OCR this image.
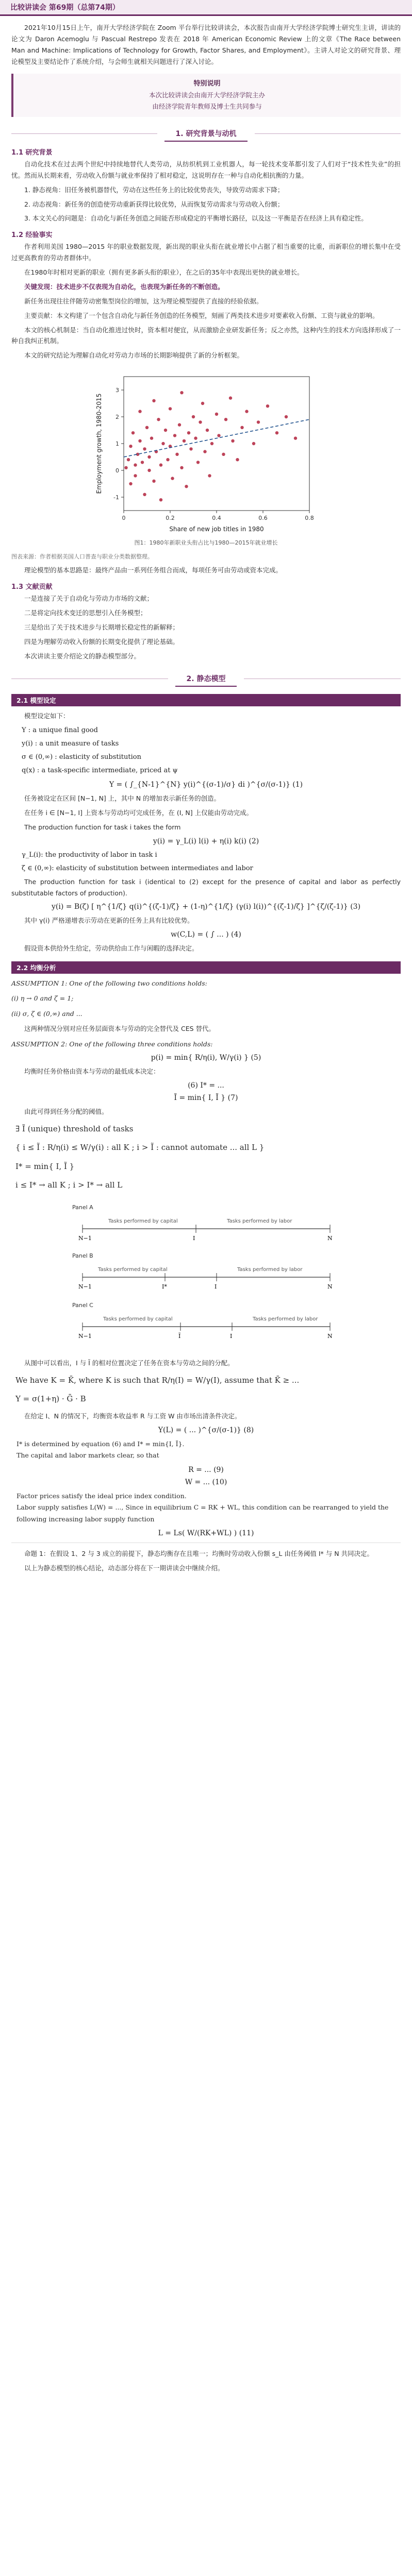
比较讲读会 第69期（总第74期）

2021年10月15日上午，南开大学经济学院在 Zoom 平台举行比较讲读会，本次报告由南开大学经济学院博士研究生主讲，讲读的论文为 Daron Acemoglu 与 Pascual Restrepo 发表在 2018 年 American Economic Review 上的文章《The Race between Man and Machine: Implications of Technology for Growth, Factor Shares, and Employment》。主讲人对论文的研究背景、理论模型及主要结论作了系统介绍，与会师生就相关问题进行了深入讨论。

特别说明
本次比较讲读会由南开大学经济学院主办
由经济学院青年教师及博士生共同参与
1. 研究背景与动机
1.1 研究背景

自动化技术在过去两个世纪中持续地替代人类劳动，从纺织机到工业机器人，每一轮技术变革都引发了人们对于“技术性失业”的担忧。然而从长期来看，劳动收入份额与就业率保持了相对稳定，这说明存在一种与自动化相抗衡的力量。

1. 静态视角：旧任务被机器替代，劳动在这些任务上的比较优势丧失，导致劳动需求下降；

2. 动态视角：新任务的创造使劳动重新获得比较优势，从而恢复劳动需求与劳动收入份额；

3. 本文关心的问题是：自动化与新任务创造之间能否形成稳定的平衡增长路径，以及这一平衡是否在经济上具有稳定性。

1.2 经验事实

作者利用美国 1980—2015 年的职业数据发现，新出现的职业头衔在就业增长中占据了相当重要的比重，而新职位的增长集中在受过更高教育的劳动者群体中。

在1980年时相对更新的职业（拥有更多新头衔的职业），在之后的35年中表现出更快的就业增长。

关键发现：技术进步不仅表现为自动化，也表现为新任务的不断创造。

新任务出现往往伴随劳动密集型岗位的增加，这为理论模型提供了直接的经验依据。

主要贡献：本文构建了一个包含自动化与新任务创造的任务模型，刻画了两类技术进步对要素收入份额、工资与就业的影响。

本文的核心机制是：当自动化推进过快时，资本相对便宜，从而激励企业研发新任务；反之亦然，这种内生的技术方向选择形成了一种自我纠正机制。

本文的研究结论为理解自动化对劳动力市场的长期影响提供了新的分析框架。

0	0.2	0.4	0.6	0.8
-1
0
1
2
3
Share of new job titles in 1980
Employment growth, 1980-2015
图1：1980年新职业头衔占比与1980—2015年就业增长

图表来源：作者根据美国人口普查与职业分类数据整理。

理论模型的基本思路是：最终产品由一系列任务组合而成，每项任务可由劳动或资本完成。

1.3 文献贡献

一是连接了关于自动化与劳动力市场的文献；

二是将定向技术变迁的思想引入任务模型；

三是给出了关于技术进步与长期增长稳定性的新解释；

四是为理解劳动收入份额的长期变化提供了理论基础。

本次讲读主要介绍论文的静态模型部分。

2. 静态模型
2.1 模型设定

模型设定如下：

Y : a unique final good
y(i) : a unit measure of tasks
σ ∈ (0,∞) : elasticity of substitution
q(x) : a task-specific intermediate, priced at ψ
Y = ( ∫_{N-1}^{N} y(i)^{(σ-1)/σ} di )^{σ/(σ-1)} (1)

任务被设定在区间 [N−1, N] 上，其中 N 的增加表示新任务的创造。

在任务 i ∈ [N−1, I] 上资本与劳动均可完成任务，在 (I, N] 上仅能由劳动完成。

The production function for task i takes the form

y(i) = γ_L(i) l(i) + η(i) k(i) (2)
γ_L(i): the productivity of labor in task i
ζ ∈ (0,∞): elasticity of substitution between intermediates and labor

The production function for task i (identical to (2) except for the presence of capital and labor as perfectly substitutable factors of production).

y(i) = B(ζ) [ η^{1/ζ} q(i)^{(ζ-1)/ζ} + (1-η)^{1/ζ} (γ(i) l(i))^{(ζ-1)/ζ} ]^{ζ/(ζ-1)} (3)

其中 γ(i) 严格递增表示劳动在更新的任务上具有比较优势。

w(C,L) = ( ∫ ... ) (4)

假设资本供给外生给定，劳动供给由工作与闲暇的选择决定。

2.2 均衡分析
ASSUMPTION 1: One of the following two conditions holds:
(i) η → 0 and ζ = 1;
(ii) σ, ζ ∈ (0,∞) and ...

这两种情况分别对应任务层面资本与劳动的完全替代及 CES 替代。

ASSUMPTION 2: One of the following three conditions holds:
p(i) = min{ R/η(i), W/γ(i) } (5)

均衡时任务价格由资本与劳动的最低成本决定：

(6) I* = ...
Ĩ = min{ I, Ĩ } (7)

由此可得到任务分配的阈值。

∃ Ĩ (unique) threshold of tasks
{ i ≤ Ĩ : R/η(i) ≤ W/γ(i) : all K ; i > Ĩ : cannot automate ... all L }
I* = min{ I, Ĩ }
i ≤ I* → all K ; i > I* → all L
Panel A
N−1	I	N
Tasks performed by capital	Tasks performed by labor
Panel B
N−1	I*	I	N
Tasks performed by capital	Tasks performed by labor
Panel C
N−1	Ĩ	I	N
Tasks performed by capital	Tasks performed by labor

从图中可以看出，I 与 Ĩ 的相对位置决定了任务在资本与劳动之间的分配。

We have K = K̄, where K is such that R/η(I) = W/γ(I), assume that K̄ ≥ ...
Y = σ(1+η) · Ḡ · B

在给定 I、N 的情况下，均衡资本收益率 R 与工资 W 由市场出清条件决定。

Y(L) = ( ... )^{σ/(σ-1)} (8)
I* is determined by equation (6) and I* = min{I, Ĩ}.
The capital and labor markets clear, so that
R = ... (9)
W = ... (10)
Factor prices satisfy the ideal price index condition.
Labor supply satisfies L(W) = ..., Since in equilibrium C = RK + WL, this condition can be rearranged to yield the following increasing labor supply function
L = Ls( W/(RK+WL) ) (11)

命题 1：在假设 1、2 与 3 成立的前提下，静态均衡存在且唯一；均衡时劳动收入份额 s_L 由任务阈值 I* 与 N 共同决定。

以上为静态模型的核心结论，动态部分将在下一期讲读会中继续介绍。
